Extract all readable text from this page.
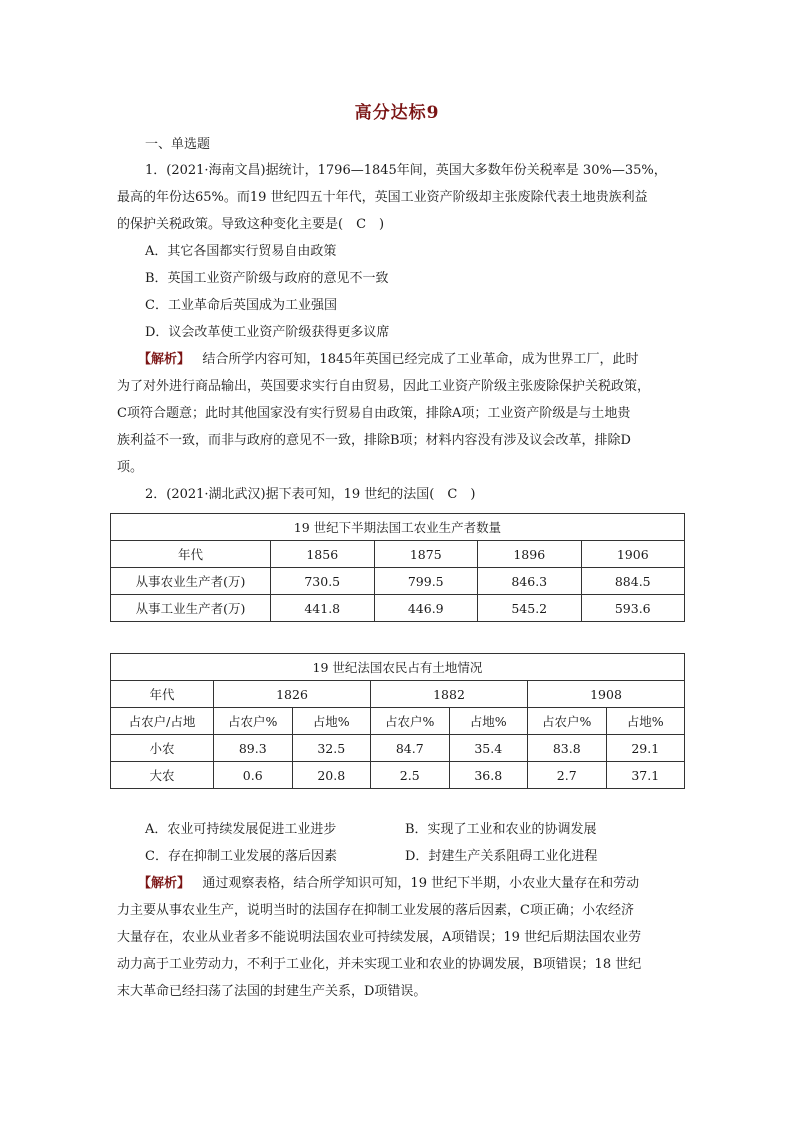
高分达标9
一、单选题
1．(2021·海南文昌)据统计，1796—1845年间，英国大多数年份关税率是 30%—35%，
最高的年份达65%。而19 世纪四五十年代，英国工业资产阶级却主张废除代表土地贵族利益
的保护关税政策。导致这种变化主要是(　C　)
A．其它各国都实行贸易自由政策
B．英国工业资产阶级与政府的意见不一致
C．工业革命后英国成为工业强国
D．议会改革使工业资产阶级获得更多议席
【解析】 结合所学内容可知，1845年英国已经完成了工业革命，成为世界工厂，此时
为了对外进行商品输出，英国要求实行自由贸易，因此工业资产阶级主张废除保护关税政策，
C项符合题意；此时其他国家没有实行贸易自由政策，排除A项；工业资产阶级是与土地贵
族利益不一致，而非与政府的意见不一致，排除B项；材料内容没有涉及议会改革，排除D
项。
2．(2021·湖北武汉)据下表可知，19 世纪的法国(　C　)
19 世纪下半期法国工农业生产者数量				
年代	1856	1875	1896	1906
从事农业生产者(万)	730.5	799.5	846.3	884.5
从事工业生产者(万)	441.8	446.9	545.2	593.6
19 世纪法国农民占有土地情况						
年代	1826		1882		1908	
占农户/占地	占农户%	占地%	占农户%	占地%	占农户%	占地%
小农	89.3	32.5	84.7	35.4	83.8	29.1
大农	0.6	20.8	2.5	36.8	2.7	37.1
A．农业可持续发展促进工业进步	B．实现了工业和农业的协调发展
C．存在抑制工业发展的落后因素	D．封建生产关系阻碍工业化进程
【解析】 通过观察表格，结合所学知识可知，19 世纪下半期，小农业大量存在和劳动
力主要从事农业生产，说明当时的法国存在抑制工业发展的落后因素，C项正确；小农经济
大量存在，农业从业者多不能说明法国农业可持续发展，A项错误；19 世纪后期法国农业劳
动力高于工业劳动力，不利于工业化，并未实现工业和农业的协调发展，B项错误；18 世纪
末大革命已经扫荡了法国的封建生产关系，D项错误。
